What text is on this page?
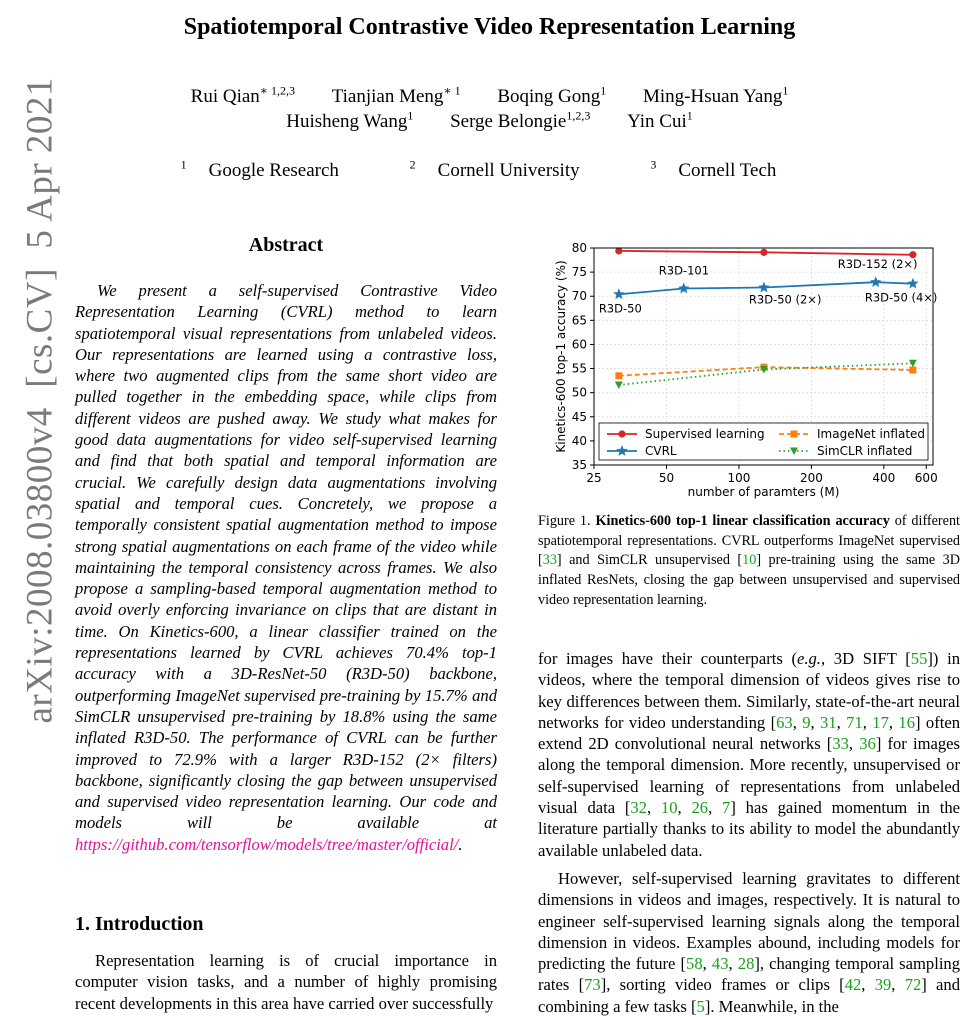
Spatiotemporal Contrastive Video Representation Learning
Rui Qian$^{∗ 1,2,3}$ Tianjian Meng$^{∗ 1}$ Boqing Gong$^1$ Ming-Hsuan Yang$^1$
Huisheng Wang$^1$ Serge Belongie$^{1,2,3}$ Yin Cui$^1$
$^1$ Google Research	$^2$ Cornell University	$^3$ Cornell Tech
arXiv:2008.03800v4  [cs.CV]  5 Apr 2021	Abstract
We present a self-supervised Contrastive Video Representation Learning (CVRL) method to learn spatiotemporal visual representations from unlabeled videos. Our representations are learned using a contrastive loss, where two augmented clips from the same short video are pulled together in the embedding space, while clips from different videos are pushed away. We study what makes for good data augmentations for video self-supervised learning and find that both spatial and temporal information are crucial. We carefully design data augmentations involving spatial and temporal cues. Concretely, we propose a temporally consistent spatial augmentation method to impose strong spatial augmentations on each frame of the video while maintaining the temporal consistency across frames. We also propose a sampling-based temporal augmentation method to avoid overly enforcing invariance on clips that are distant in time. On Kinetics-600, a linear classifier trained on the representations learned by CVRL achieves 70.4% top-1 accuracy with a 3D-ResNet-50 (R3D-50) backbone, outperforming ImageNet supervised pre-training by 15.7% and SimCLR unsupervised pre-training by 18.8% using the same inflated R3D-50. The performance of CVRL can be further improved to 72.9% with a larger R3D-152 (2× filters) backbone, significantly closing the gap between unsupervised and supervised video representation learning. Our code and models will be available at https://github.com/tensorflow/models/tree/master/official/.
1. Introduction
Representation learning is of crucial importance in computer vision tasks, and a number of highly promising recent developments in this area have carried over successfully
R3D-50
R3D-101
R3D-50 (2×)
R3D-152 (2×)
R3D-50 (4×)
35
40
45
50
55
60
65
70
75
80
25	50	100	200	400 600
number of paramters (M)
Kinetics-600 top-1 accuracy (%)	Supervised learning
CVRL
ImageNet inflated
SimCLR inflated
Figure 1. Kinetics-600 top-1 linear classification accuracy of different spatiotemporal representations. CVRL outperforms ImageNet supervised [33] and SimCLR unsupervised [10] pre-training using the same 3D inflated ResNets, closing the gap between unsupervised and supervised video representation learning.

for images have their counterparts (e.g., 3D SIFT [55]) in videos, where the temporal dimension of videos gives rise to key differences between them. Similarly, state-of-the-art neural networks for video understanding [63, 9, 31, 71, 17, 16] often extend 2D convolutional neural networks [33, 36] for images along the temporal dimension. More recently, unsupervised or self-supervised learning of representations from unlabeled visual data [32, 10, 26, 7] has gained momentum in the literature partially thanks to its ability to model the abundantly available unlabeled data.

However, self-supervised learning gravitates to different dimensions in videos and images, respectively. It is natural to engineer self-supervised learning signals along the temporal dimension in videos. Examples abound, including models for predicting the future [58, 43, 28], changing temporal sampling rates [73], sorting video frames or clips [42, 39, 72] and combining a few tasks [5]. Meanwhile, in the
